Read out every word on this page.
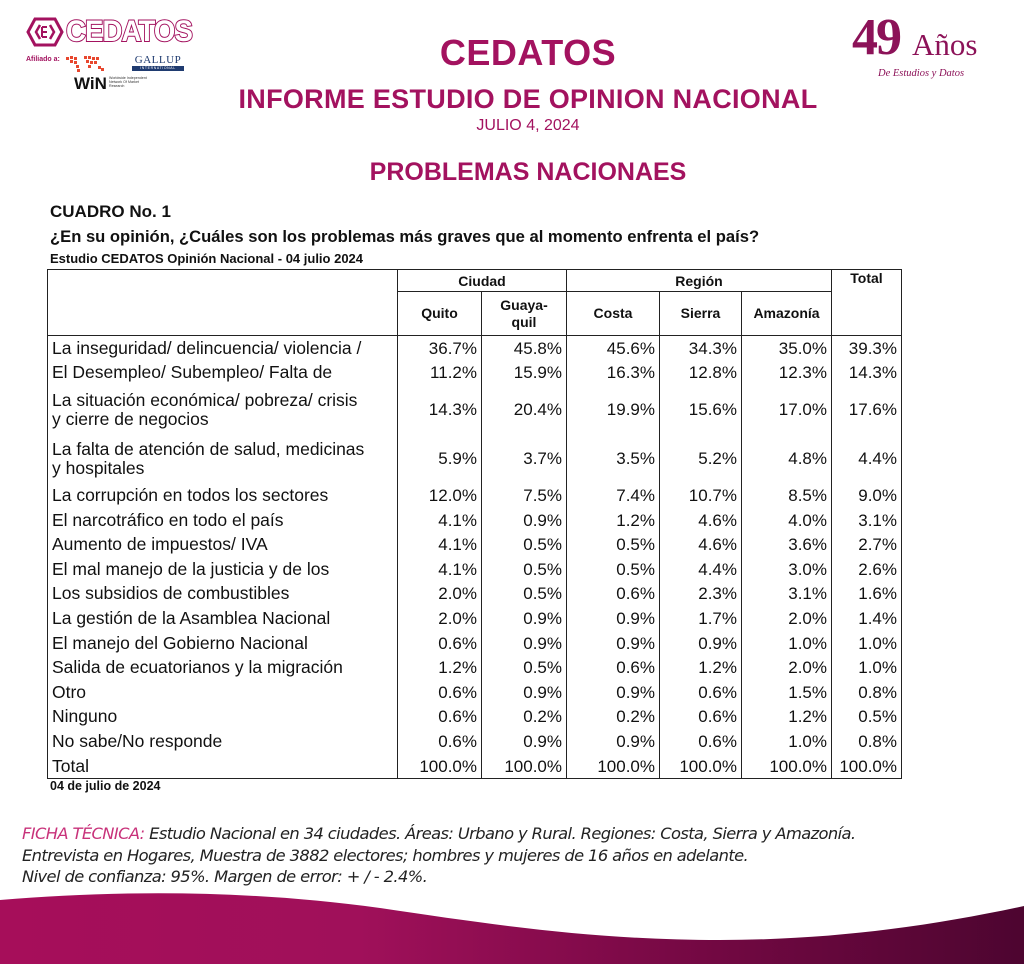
CEDATOS
Afiliado a:
WiN Worldwide Independent Network Of Market Research
GALLUP
INTERNATIONAL
49 Años
De Estudios y Datos
CEDATOS
INFORME ESTUDIO DE OPINION NACIONAL
JULIO 4, 2024
PROBLEMAS NACIONAES
CUADRO No. 1
¿En su opinión, ¿Cuáles son los problemas más graves que al momento enfrenta el país?
Estudio CEDATOS Opinión Nacional - 04 julio 2024
	Ciudad		Región			Total
	Quito	Guaya-
quil	Costa	Sierra	Amazonía	
La inseguridad/ delincuencia/ violencia /	36.7%	45.8%	45.6%	34.3%	35.0%	39.3%
El Desempleo/ Subempleo/ Falta de	11.2%	15.9%	16.3%	12.8%	12.3%	14.3%
La situación económica/ pobreza/ crisis
y cierre de negocios	14.3%	20.4%	19.9%	15.6%	17.0%	17.6%
La falta de atención de salud, medicinas
y hospitales	5.9%	3.7%	3.5%	5.2%	4.8%	4.4%
La corrupción en todos los sectores	12.0%	7.5%	7.4%	10.7%	8.5%	9.0%
El narcotráfico en todo el país	4.1%	0.9%	1.2%	4.6%	4.0%	3.1%
Aumento de impuestos/ IVA	4.1%	0.5%	0.5%	4.6%	3.6%	2.7%
El mal manejo de la justicia y de los	4.1%	0.5%	0.5%	4.4%	3.0%	2.6%
Los subsidios de combustibles	2.0%	0.5%	0.6%	2.3%	3.1%	1.6%
La gestión de la Asamblea Nacional	2.0%	0.9%	0.9%	1.7%	2.0%	1.4%
El manejo del Gobierno Nacional	0.6%	0.9%	0.9%	0.9%	1.0%	1.0%
Salida de ecuatorianos y la migración	1.2%	0.5%	0.6%	1.2%	2.0%	1.0%
Otro	0.6%	0.9%	0.9%	0.6%	1.5%	0.8%
Ninguno	0.6%	0.2%	0.2%	0.6%	1.2%	0.5%
No sabe/No responde	0.6%	0.9%	0.9%	0.6%	1.0%	0.8%
Total	100.0%	100.0%	100.0%	100.0%	100.0%	100.0%
04 de julio de 2024
FICHA TÉCNICA: Estudio Nacional en 34 ciudades. Áreas: Urbano y Rural. Regiones: Costa, Sierra y Amazonía.
Entrevista en Hogares, Muestra de 3882 electores; hombres y mujeres de 16 años en adelante.
Nivel de confianza: 95%. Margen de error: + / - 2.4%.
